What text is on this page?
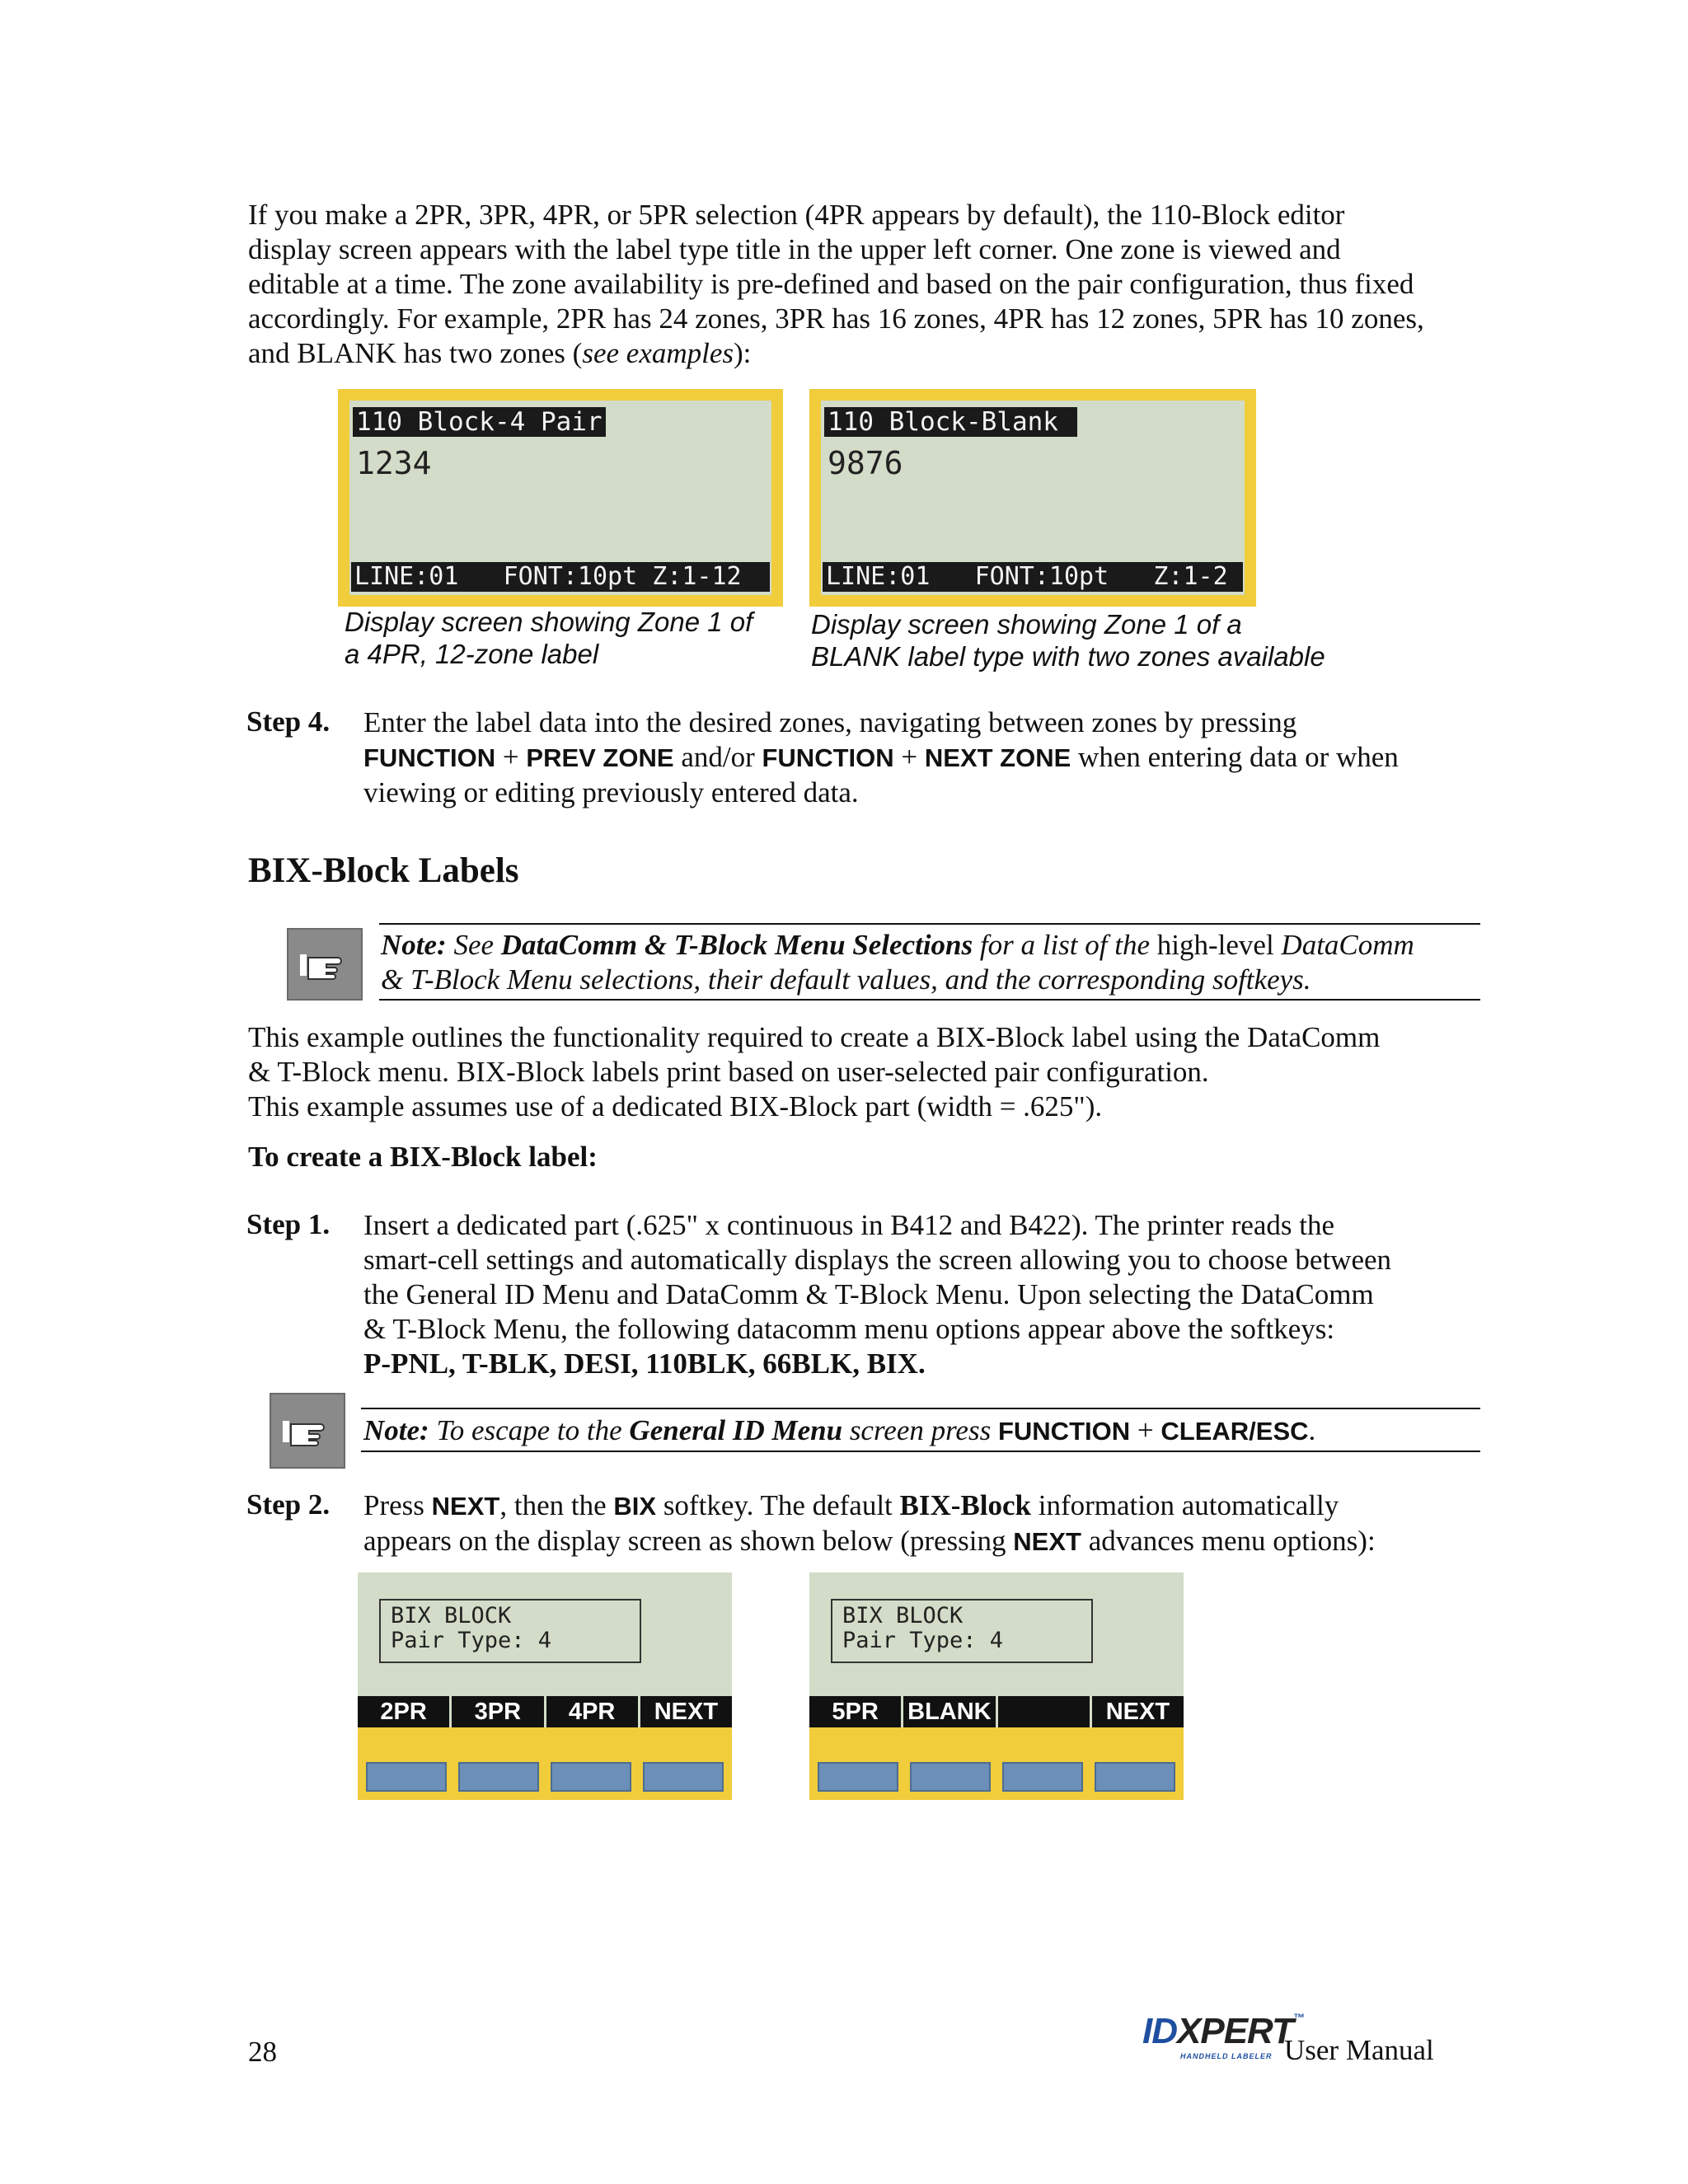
If you make a 2PR, 3PR, 4PR, or 5PR selection (4PR appears by default), the 110-Block editor

display screen appears with the label type title in the upper left corner. One zone is viewed and

editable at a time. The zone availability is pre-defined and based on the pair configuration, thus fixed

accordingly. For example, 2PR has 24 zones, 3PR has 16 zones, 4PR has 12 zones, 5PR has 10 zones,

and BLANK has two zones (see examples):

110 Block-4 Pair
1234
LINE:01   FONT:10pt Z:1-12
Display screen showing Zone 1 of
a 4PR, 12-zone label
110 Block-Blank
9876
LINE:01   FONT:10pt   Z:1-2
Display screen showing Zone 1 of a
BLANK label type with two zones available
Step 4. Enter the label data into the desired zones, navigating between zones by pressing
FUNCTION + PREV ZONE and/or FUNCTION + NEXT ZONE when entering data or when
viewing or editing previously entered data.
BIX-Block Labels
Note: See DataComm & T-Block Menu Selections for a list of the high-level DataComm
& T-Block Menu selections, their default values, and the corresponding softkeys.

This example outlines the functionality required to create a BIX-Block label using the DataComm

& T-Block menu. BIX-Block labels print based on user-selected pair configuration.

This example assumes use of a dedicated BIX-Block part (width = .625").

To create a BIX-Block label:
Step 1. Insert a dedicated part (.625" x continuous in B412 and B422). The printer reads the
smart-cell settings and automatically displays the screen allowing you to choose between
the General ID Menu and DataComm & T-Block Menu. Upon selecting the DataComm
& T-Block Menu, the following datacomm menu options appear above the softkeys:
P-PNL, T-BLK, DESI, 110BLK, 66BLK, BIX.
Note: To escape to the General ID Menu screen press FUNCTION + CLEAR/ESC.
Step 2. Press NEXT, then the BIX softkey. The default BIX-Block information automatically
appears on the display screen as shown below (pressing NEXT advances menu options):
BIX BLOCK
Pair Type: 4
2PR	3PR	4PR	NEXT
BIX BLOCK
Pair Type: 4
5PR	BLANK	NEXT
28
IDXPERT™
HANDHELD LABELER User Manual
